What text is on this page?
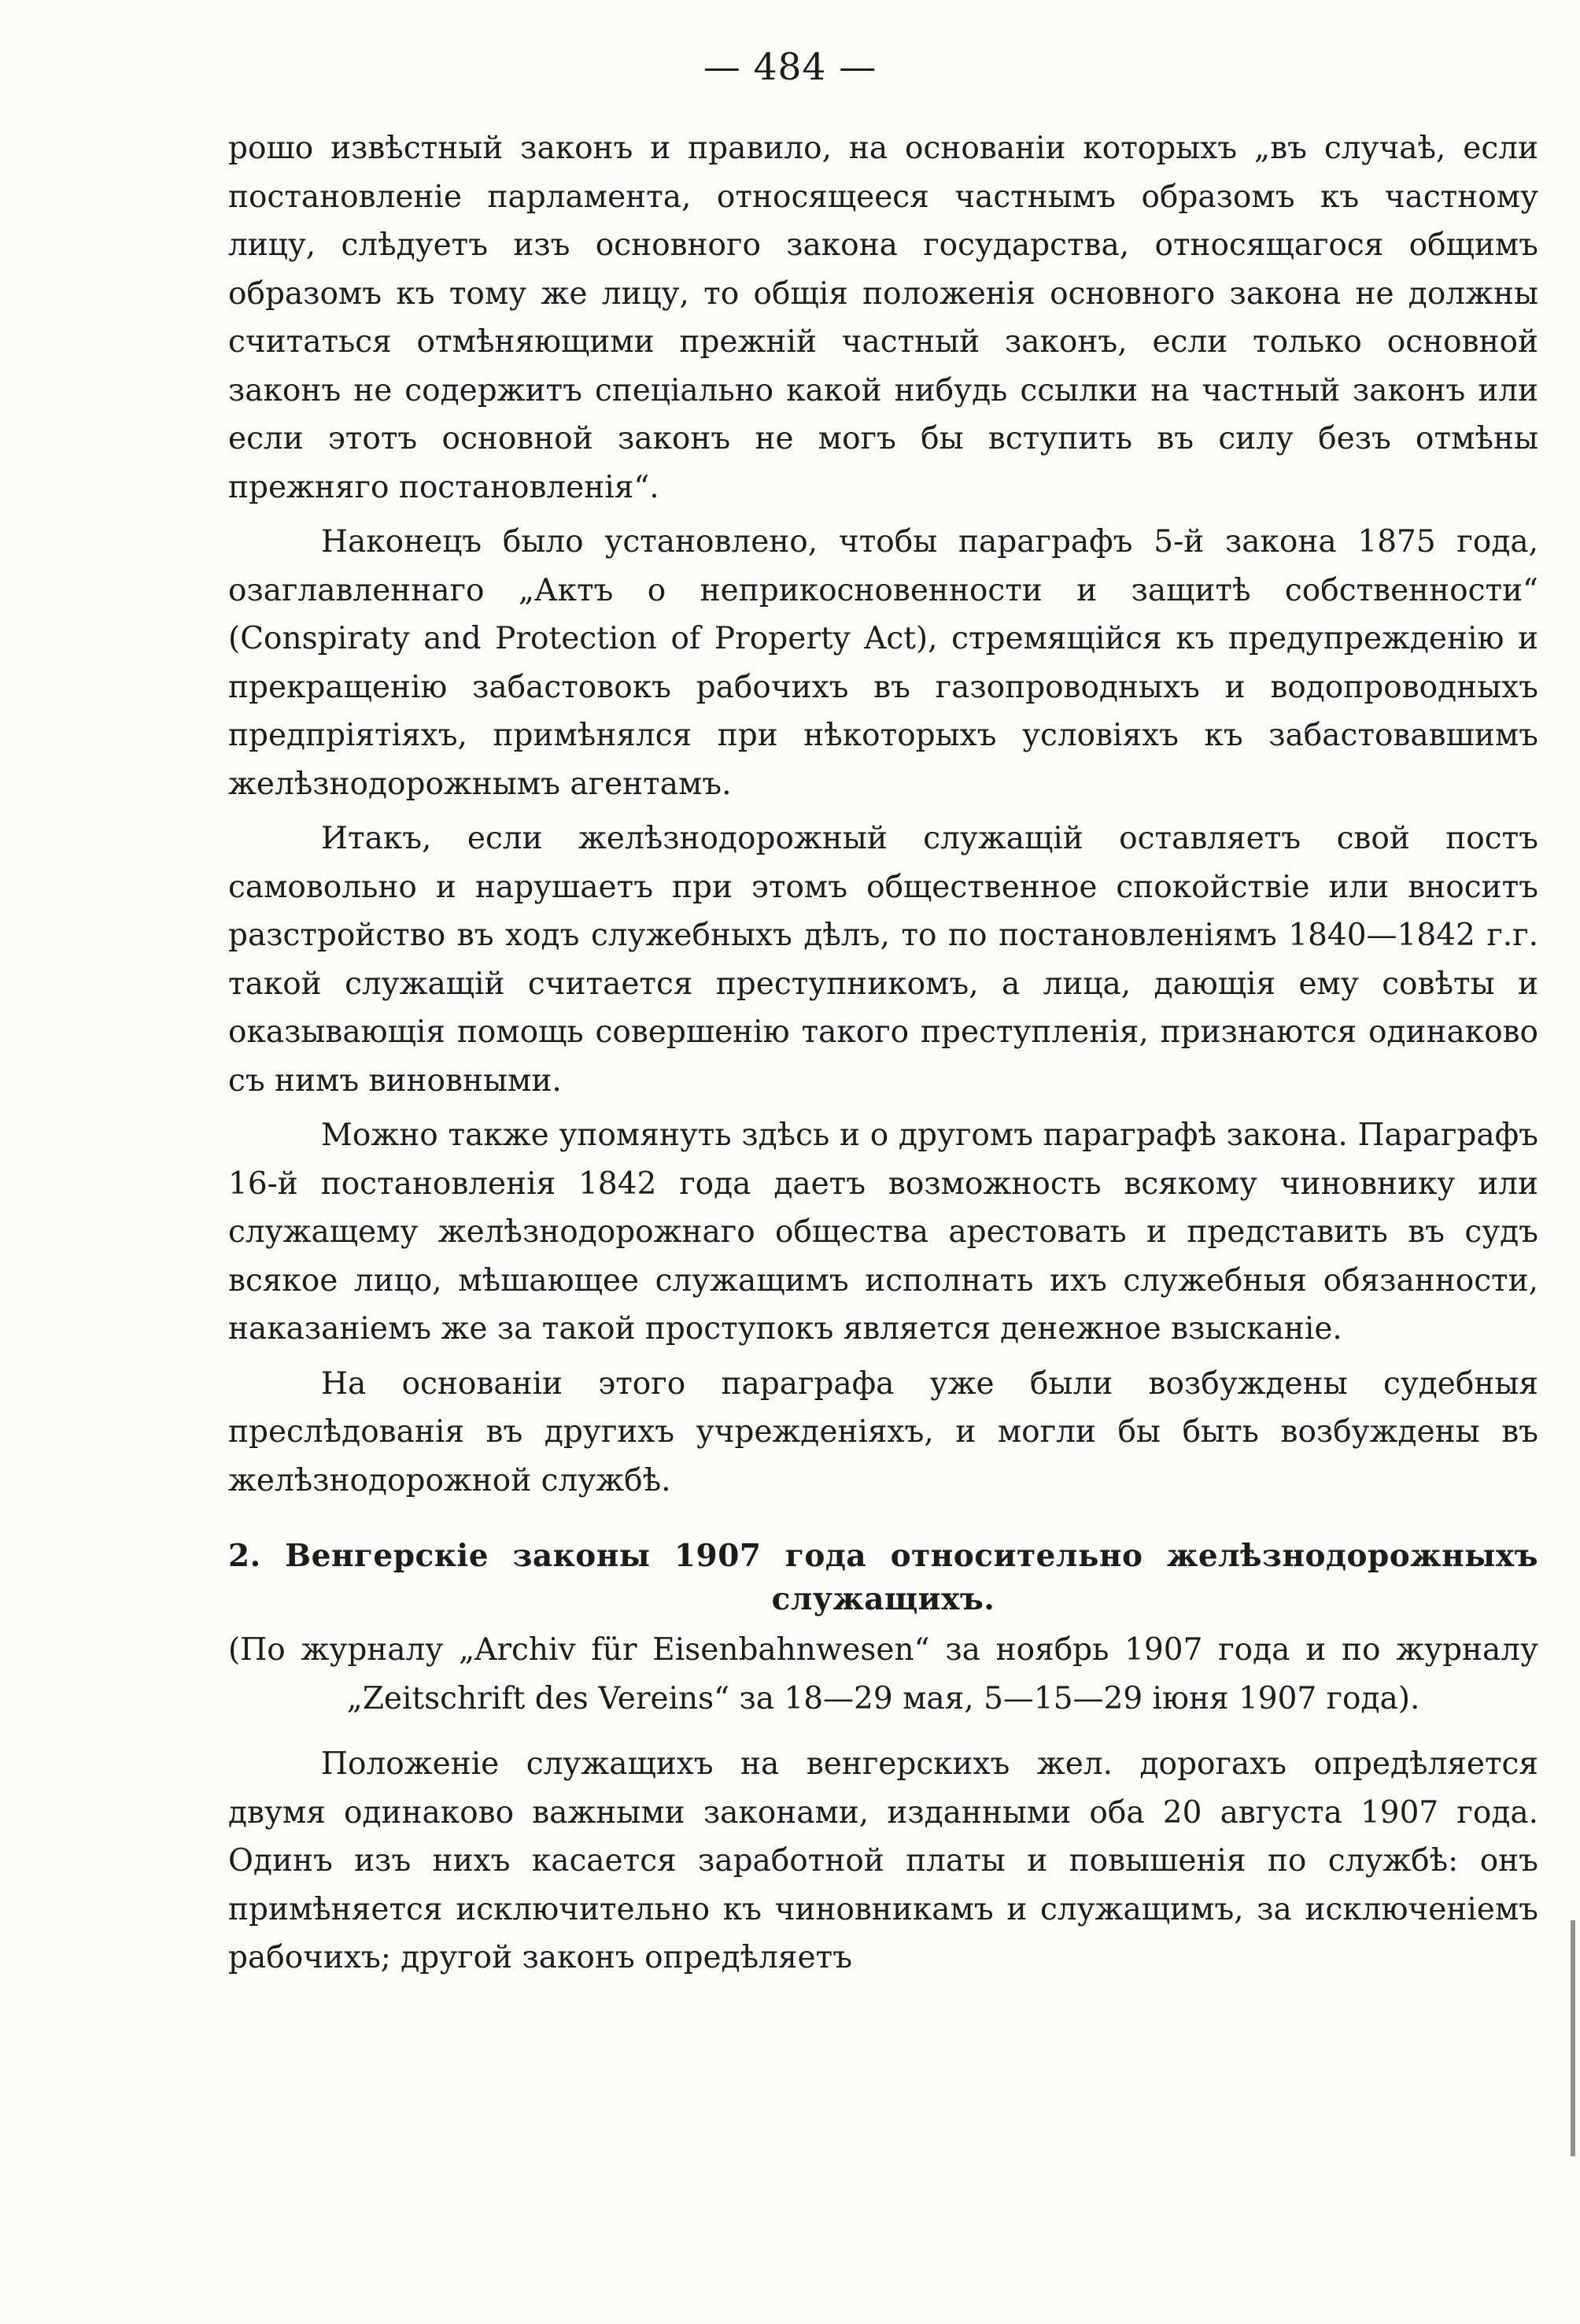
— 484 —

рошо извѣстный законъ и правило, на основаніи которыхъ „въ случаѣ, если постановленіе парламента, относящееся частнымъ образомъ къ частному лицу, слѣдуетъ изъ основного закона государства, относящагося общимъ образомъ къ тому же лицу, то общія положенія основного закона не должны считаться отмѣняющими прежній частный законъ, если только основной законъ не содержитъ спеціально какой нибудь ссылки на частный законъ или если этотъ основной законъ не могъ бы вступить въ силу безъ отмѣны прежняго постановленія“.

Наконецъ было установлено, чтобы параграфъ 5-й закона 1875 года, озаглавленнаго „Актъ о неприкосновенности и защитѣ собственности“ (Conspiraty and Protection of Property Act), стремящійся къ предупрежденію и прекращенію забастовокъ рабочихъ въ газопроводныхъ и водопроводныхъ предпріятіяхъ, примѣнялся при нѣкоторыхъ условіяхъ къ забастовавшимъ желѣзнодорожнымъ агентамъ.

Итакъ, если желѣзнодорожный служащій оставляетъ свой постъ самовольно и нарушаетъ при этомъ общественное спокойствіе или вноситъ разстройство въ ходъ служебныхъ дѣлъ, то по постановленіямъ 1840—1842 г.г. такой служащій считается преступникомъ, а лица, дающія ему совѣты и оказывающія помощь совершенію такого преступленія, признаются одинаково съ нимъ виновными.

Можно также упомянуть здѣсь и о другомъ параграфѣ закона. Параграфъ 16-й постановленія 1842 года даетъ возможность всякому чиновнику или служащему желѣзнодорожнаго общества арестовать и представить въ судъ всякое лицо, мѣшающее служащимъ исполнать ихъ служебныя обязанности, наказаніемъ же за такой проступокъ является денежное взысканіе.

На основаніи этого параграфа уже были возбуждены судебныя преслѣдованія въ другихъ учрежденіяхъ, и могли бы быть возбуждены въ желѣзнодорожной службѣ.

2. Венгерскіе законы 1907 года относительно желѣзнодорожныхъ служащихъ.

(По журналу „Archiv für Eisenbahnwesen“ за ноябрь 1907 года и по журналу „Zeitschrift des Vereins“ за 18—29 мая, 5—15—29 іюня 1907 года).

Положеніе служащихъ на венгерскихъ жел. дорогахъ опредѣляется двумя одинаково важными законами, изданными оба 20 августа 1907 года. Одинъ изъ нихъ касается заработной платы и повышенія по службѣ: онъ примѣняется исключительно къ чиновникамъ и служащимъ, за исключеніемъ рабочихъ; другой законъ опредѣляетъ
